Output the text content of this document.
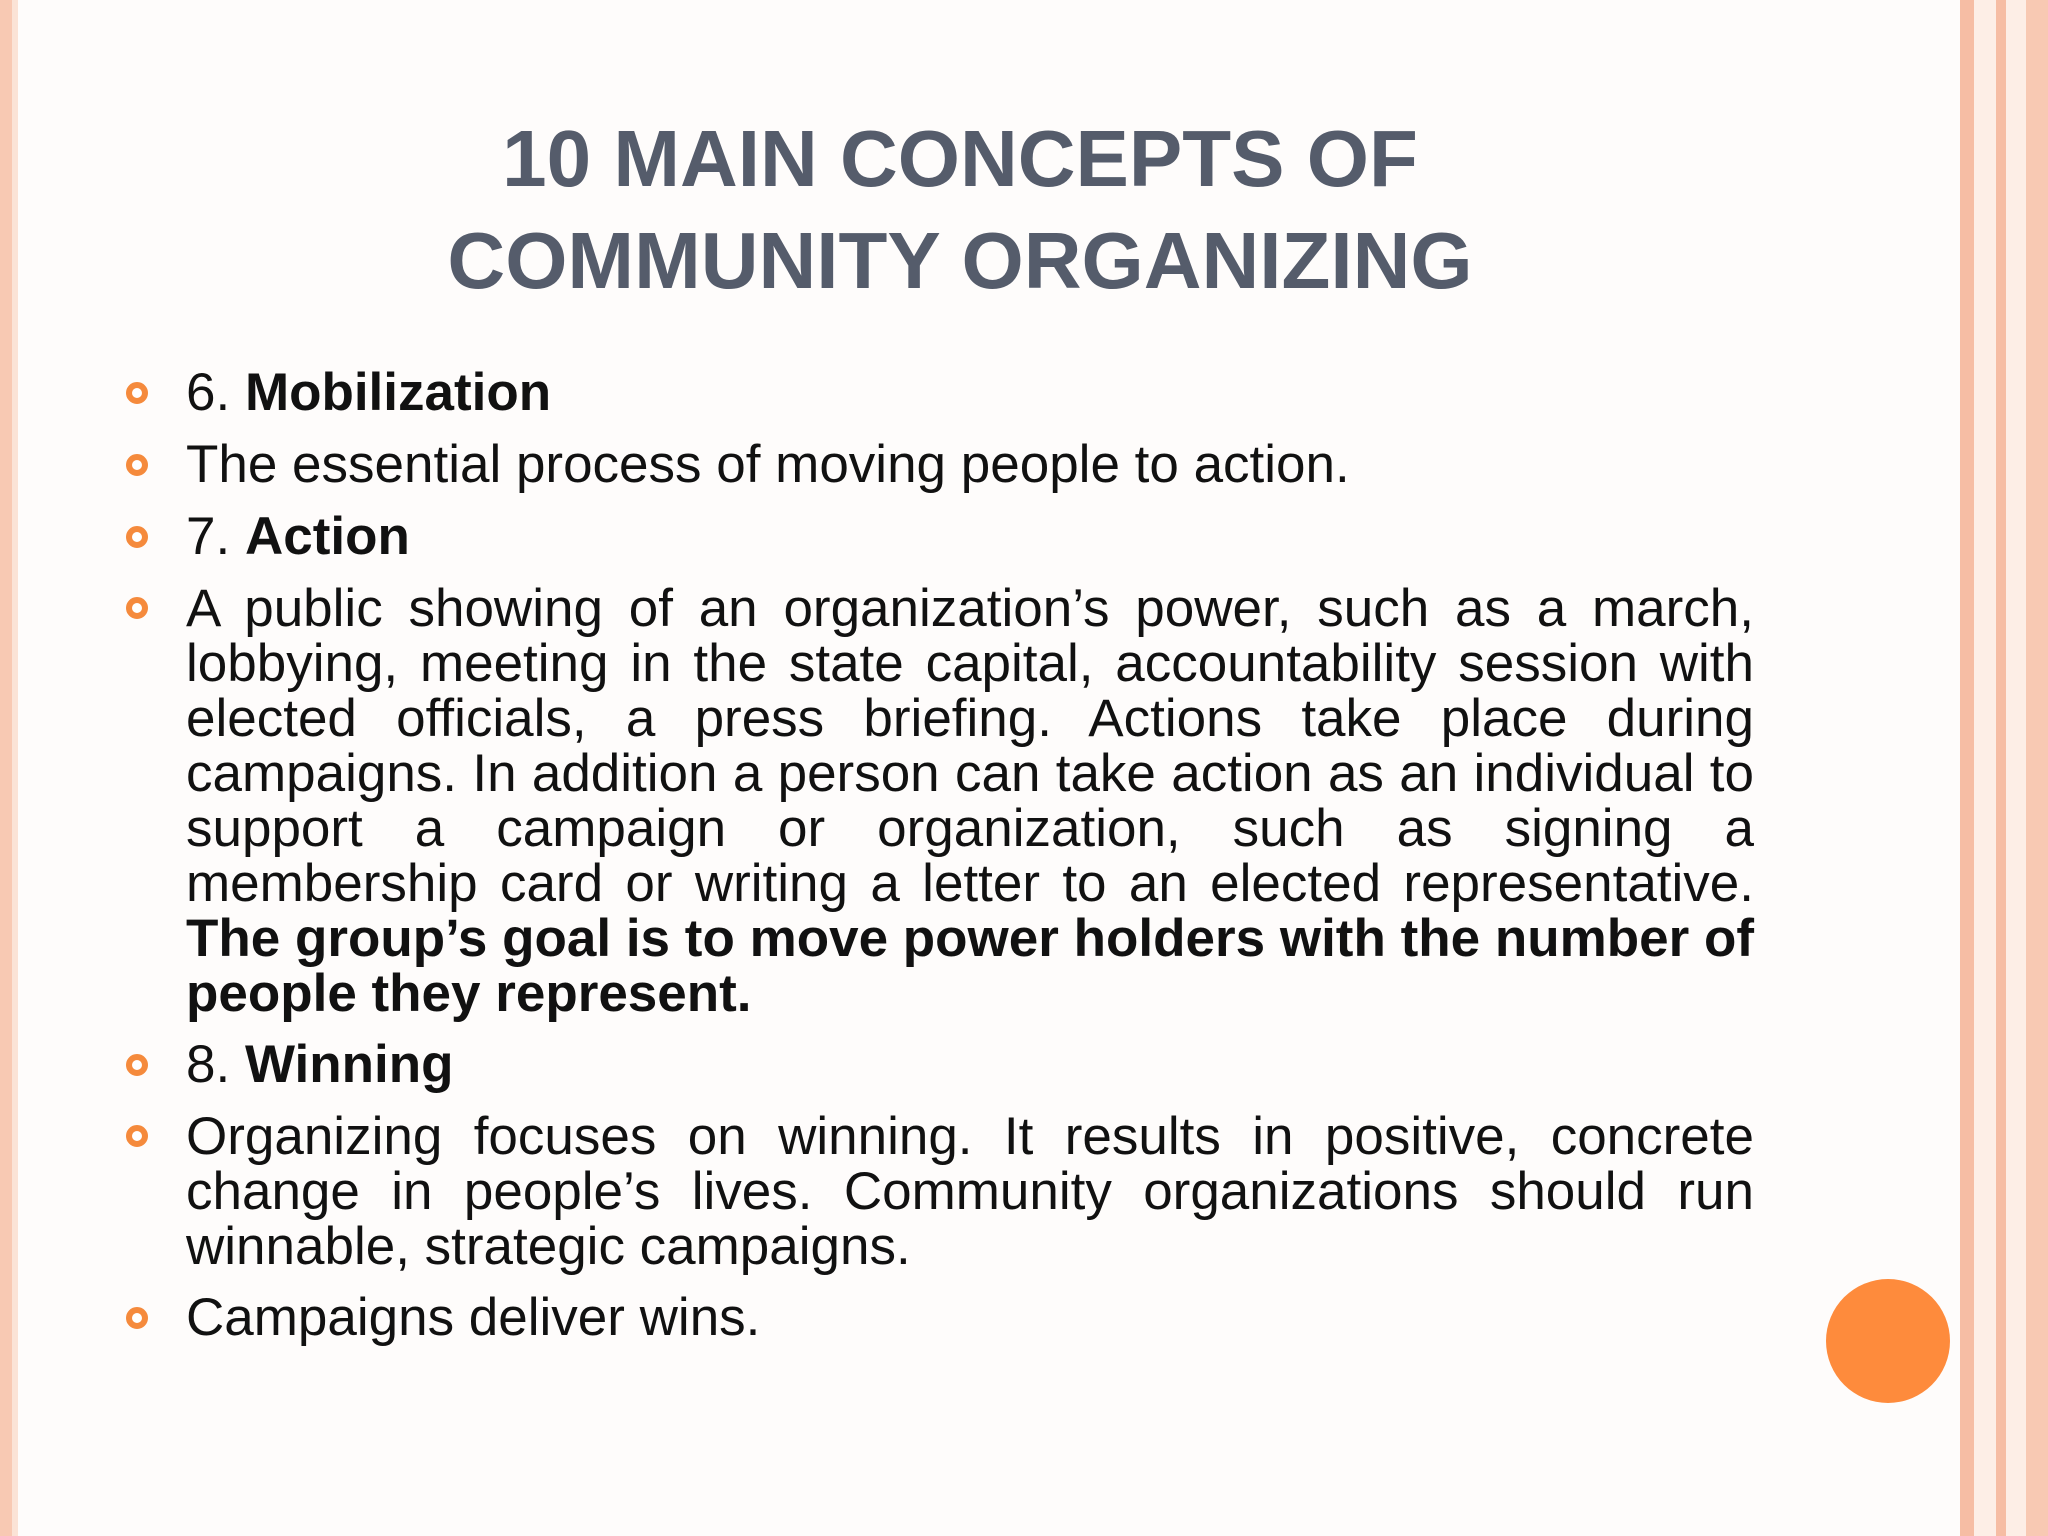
10 MAIN CONCEPTS OF
COMMUNITY ORGANIZING
6. Mobilization
The essential process of moving people to action.
7. Action
A public showing of an organization’s power, such as a march, lobbying, meeting in the state capital, accountability session with elected officials, a press briefing. Actions take place during campaigns. In addition a person can take action as an individual to support a campaign or organization, such as signing a membership card or writing a letter to an elected representative. The group’s goal is to move power holders with the number of people they represent.
8. Winning
Organizing focuses on winning. It results in positive, concrete change in people’s lives. Community organizations should run winnable, strategic campaigns.
Campaigns deliver wins.
